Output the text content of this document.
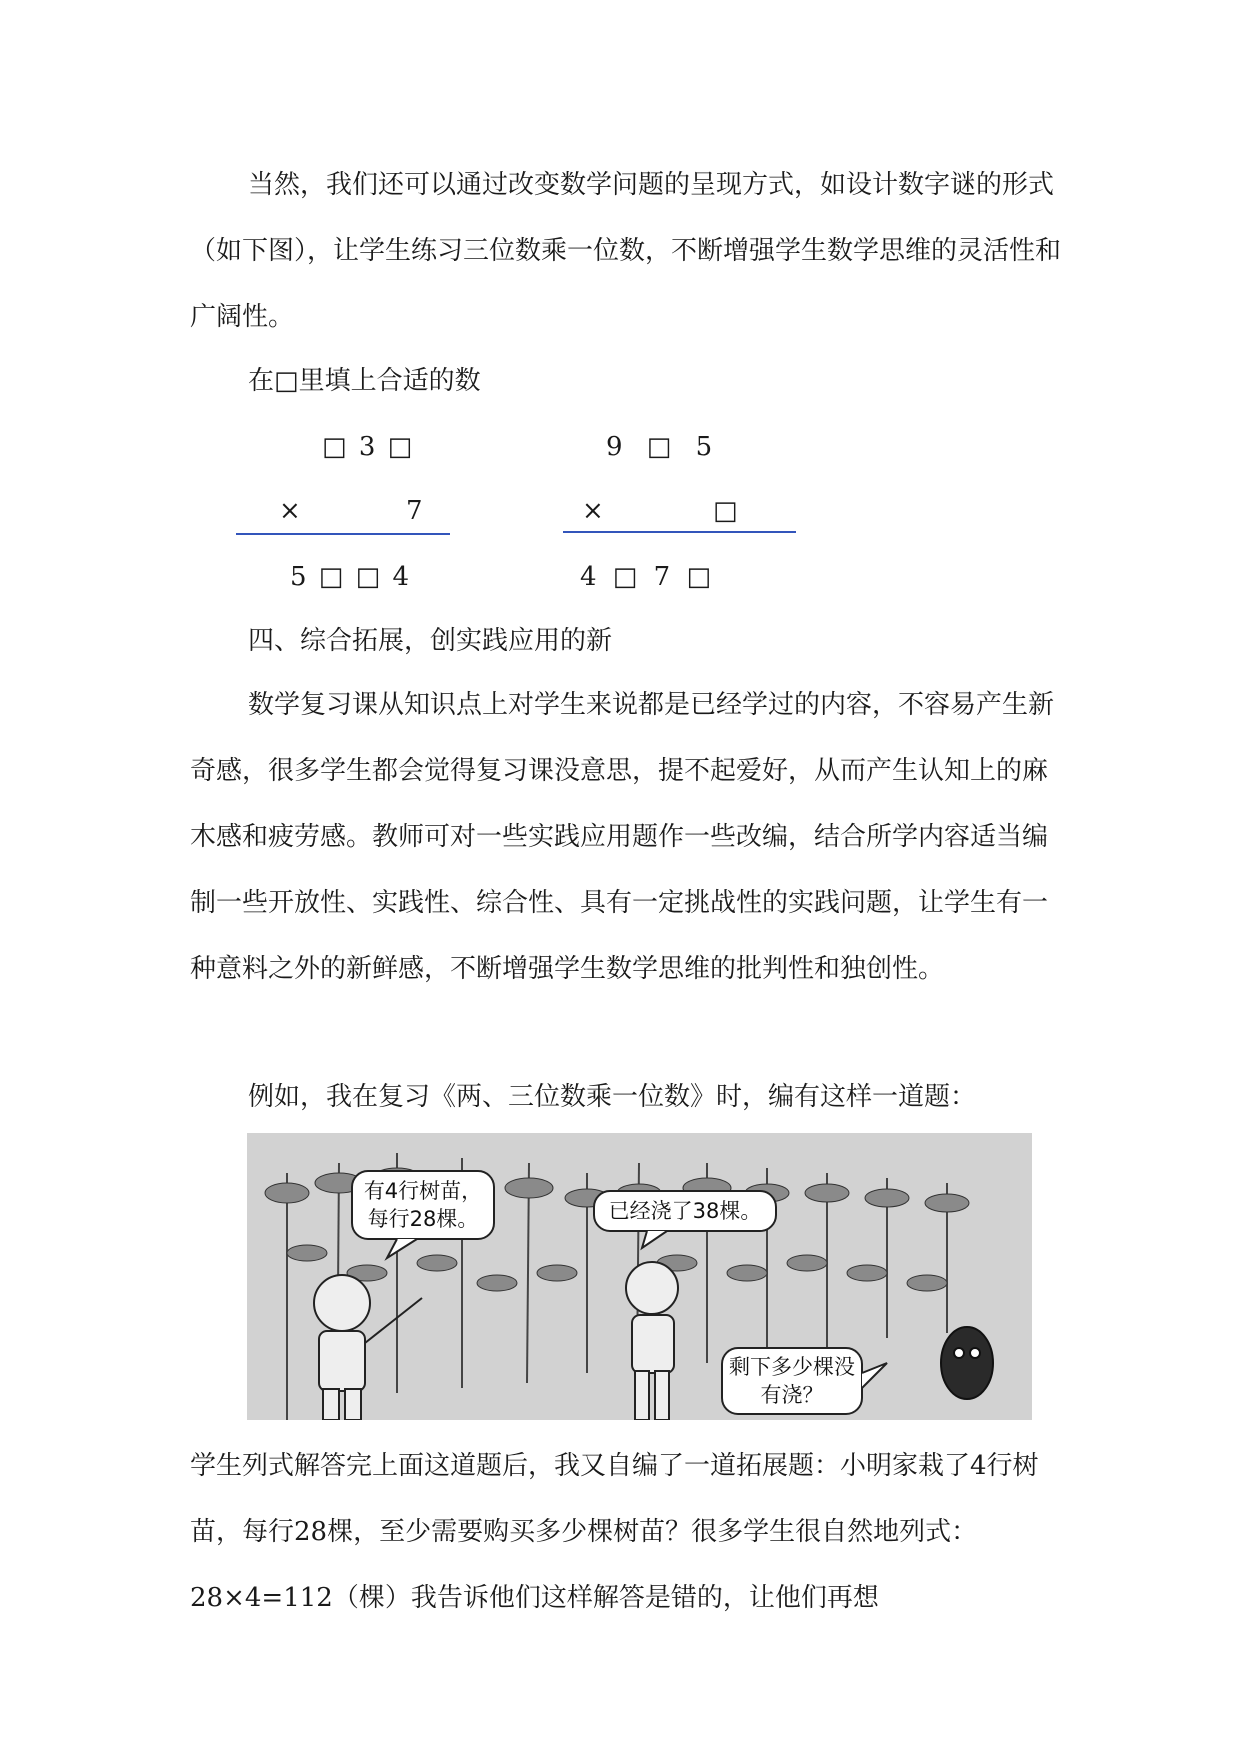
当然，我们还可以通过改变数学问题的呈现方式，如设计数字谜的形式（如下图），让学生练习三位数乘一位数，不断增强学生数学思维的灵活性和广阔性。

在□里填上合适的数

□ 3 □
×	7
5 □ □ 4
9 □ 5
×	□
4 □ 7 □

四、综合拓展，创实践应用的新

数学复习课从知识点上对学生来说都是已经学过的内容，不容易产生新奇感，很多学生都会觉得复习课没意思，提不起爱好，从而产生认知上的麻木感和疲劳感。教师可对一些实践应用题作一些改编，结合所学内容适当编制一些开放性、实践性、综合性、具有一定挑战性的实践问题，让学生有一种意料之外的新鲜感，不断增强学生数学思维的批判性和独创性。

例如，我在复习《两、三位数乘一位数》时，编有这样一道题：

有4行树苗，每行28棵。	已经浇了38棵。
剩下多少棵没有浇？

学生列式解答完上面这道题后，我又自编了一道拓展题：小明家栽了4行树苗，每行28棵，至少需要购买多少棵树苗？很多学生很自然地列式：28×4=112（棵）我告诉他们这样解答是错的，让他们再想
